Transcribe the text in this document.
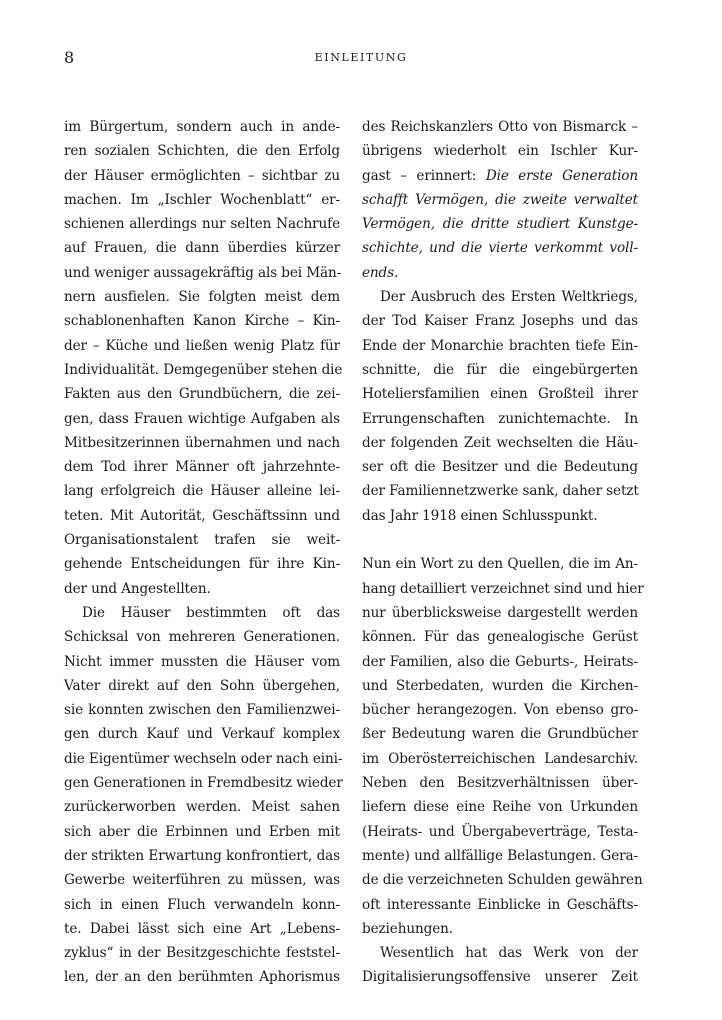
8	EINLEITUNG
im Bürgertum, sondern auch in ande-
ren sozialen Schichten, die den Erfolg
der Häuser ermöglichten – sichtbar zu
machen. Im „Ischler Wochenblatt“ er-
schienen allerdings nur selten Nachrufe
auf Frauen, die dann überdies kürzer
und weniger aussagekräftig als bei Män-
nern ausfielen. Sie folgten meist dem
schablonenhaften Kanon Kirche – Kin-
der – Küche und ließen wenig Platz für
Individualität. Demgegenüber stehen die
Fakten aus den Grundbüchern, die zei-
gen, dass Frauen wichtige Aufgaben als
Mitbesitzerinnen übernahmen und nach
dem Tod ihrer Männer oft jahrzehnte-
lang erfolgreich die Häuser alleine lei-
teten. Mit Autorität, Geschäftssinn und
Organisationstalent trafen sie weit-
gehende Entscheidungen für ihre Kin-
der und Angestellten.
Die Häuser bestimmten oft das
Schicksal von mehreren Generationen.
Nicht immer mussten die Häuser vom
Vater direkt auf den Sohn übergehen,
sie konnten zwischen den Familienzwei-
gen durch Kauf und Verkauf komplex
die Eigentümer wechseln oder nach eini-
gen Generationen in Fremdbesitz wieder
zurückerworben werden. Meist sahen
sich aber die Erbinnen und Erben mit
der strikten Erwartung konfrontiert, das
Gewerbe weiterführen zu müssen, was
sich in einen Fluch verwandeln konn-
te. Dabei lässt sich eine Art „Lebens-
zyklus“ in der Besitzgeschichte feststel-
len, der an den berühmten Aphorismus
des Reichskanzlers Otto von Bismarck –
übrigens wiederholt ein Ischler Kur-
gast – erinnert: Die erste Generation
schafft Vermögen, die zweite verwaltet
Vermögen, die dritte studiert Kunstge-
schichte, und die vierte verkommt voll-
ends.
Der Ausbruch des Ersten Weltkriegs,
der Tod Kaiser Franz Josephs und das
Ende der Monarchie brachten tiefe Ein-
schnitte, die für die eingebürgerten
Hoteliersfamilien einen Großteil ihrer
Errungenschaften zunichtemachte. In
der folgenden Zeit wechselten die Häu-
ser oft die Besitzer und die Bedeutung
der Familiennetzwerke sank, daher setzt
das Jahr 1918 einen Schlusspunkt.
Nun ein Wort zu den Quellen, die im An-
hang detailliert verzeichnet sind und hier
nur überblicksweise dargestellt werden
können. Für das genealogische Gerüst
der Familien, also die Geburts-, Heirats-
und Sterbedaten, wurden die Kirchen-
bücher herangezogen. Von ebenso gro-
ßer Bedeutung waren die Grundbücher
im Oberösterreichischen Landesarchiv.
Neben den Besitzverhältnissen über-
liefern diese eine Reihe von Urkunden
(Heirats- und Übergabeverträge, Testa-
mente) und allfällige Belastungen. Gera-
de die verzeichneten Schulden gewähren
oft interessante Einblicke in Geschäfts-
beziehungen.
Wesentlich hat das Werk von der
Digitalisierungsoffensive unserer Zeit
